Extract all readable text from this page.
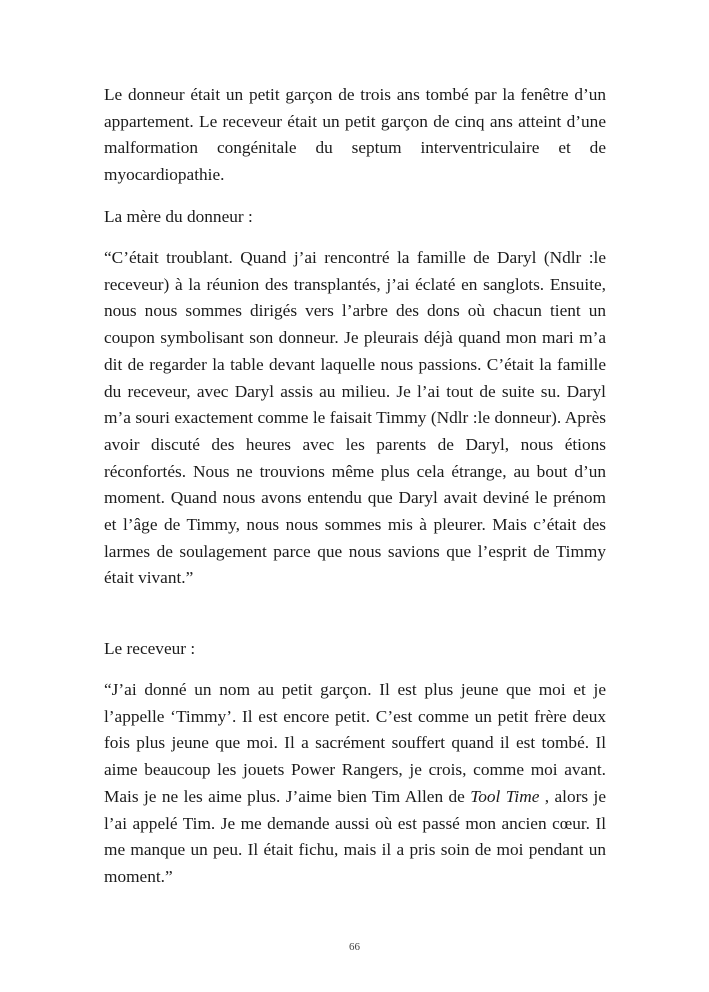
Le donneur était un petit garçon de trois ans tombé par la fenêtre d’un appartement. Le receveur était un petit garçon de cinq ans atteint d’une malformation congénitale du septum interventriculaire et de myocardiopathie.

La mère du donneur :

“C’était troublant. Quand j’ai rencontré la famille de Daryl (Ndlr :le receveur) à la réunion des transplantés, j’ai éclaté en sanglots. Ensuite, nous nous sommes dirigés vers l’arbre des dons où chacun tient un coupon symbolisant son donneur. Je pleurais déjà quand mon mari m’a dit de regarder la table devant laquelle nous passions. C’était la famille du receveur, avec Daryl assis au milieu. Je l’ai tout de suite su. Daryl m’a souri exactement comme le faisait Timmy (Ndlr :le donneur). Après avoir discuté des heures avec les parents de Daryl, nous étions réconfortés. Nous ne trouvions même plus cela étrange, au bout d’un moment. Quand nous avons entendu que Daryl avait deviné le prénom et l’âge de Timmy, nous nous sommes mis à pleurer. Mais c’était des larmes de soulagement parce que nous savions que l’esprit de Timmy était vivant.”

Le receveur :

“J’ai donné un nom au petit garçon. Il est plus jeune que moi et je l’appelle ‘Timmy’. Il est encore petit. C’est comme un petit frère deux fois plus jeune que moi. Il a sacrément souffert quand il est tombé. Il aime beaucoup les jouets Power Rangers, je crois, comme moi avant. Mais je ne les aime plus. J’aime bien Tim Allen de Tool Time , alors je l’ai appelé Tim. Je me demande aussi où est passé mon ancien cœur. Il me manque un peu. Il était fichu, mais il a pris soin de moi pendant un moment.”

66
